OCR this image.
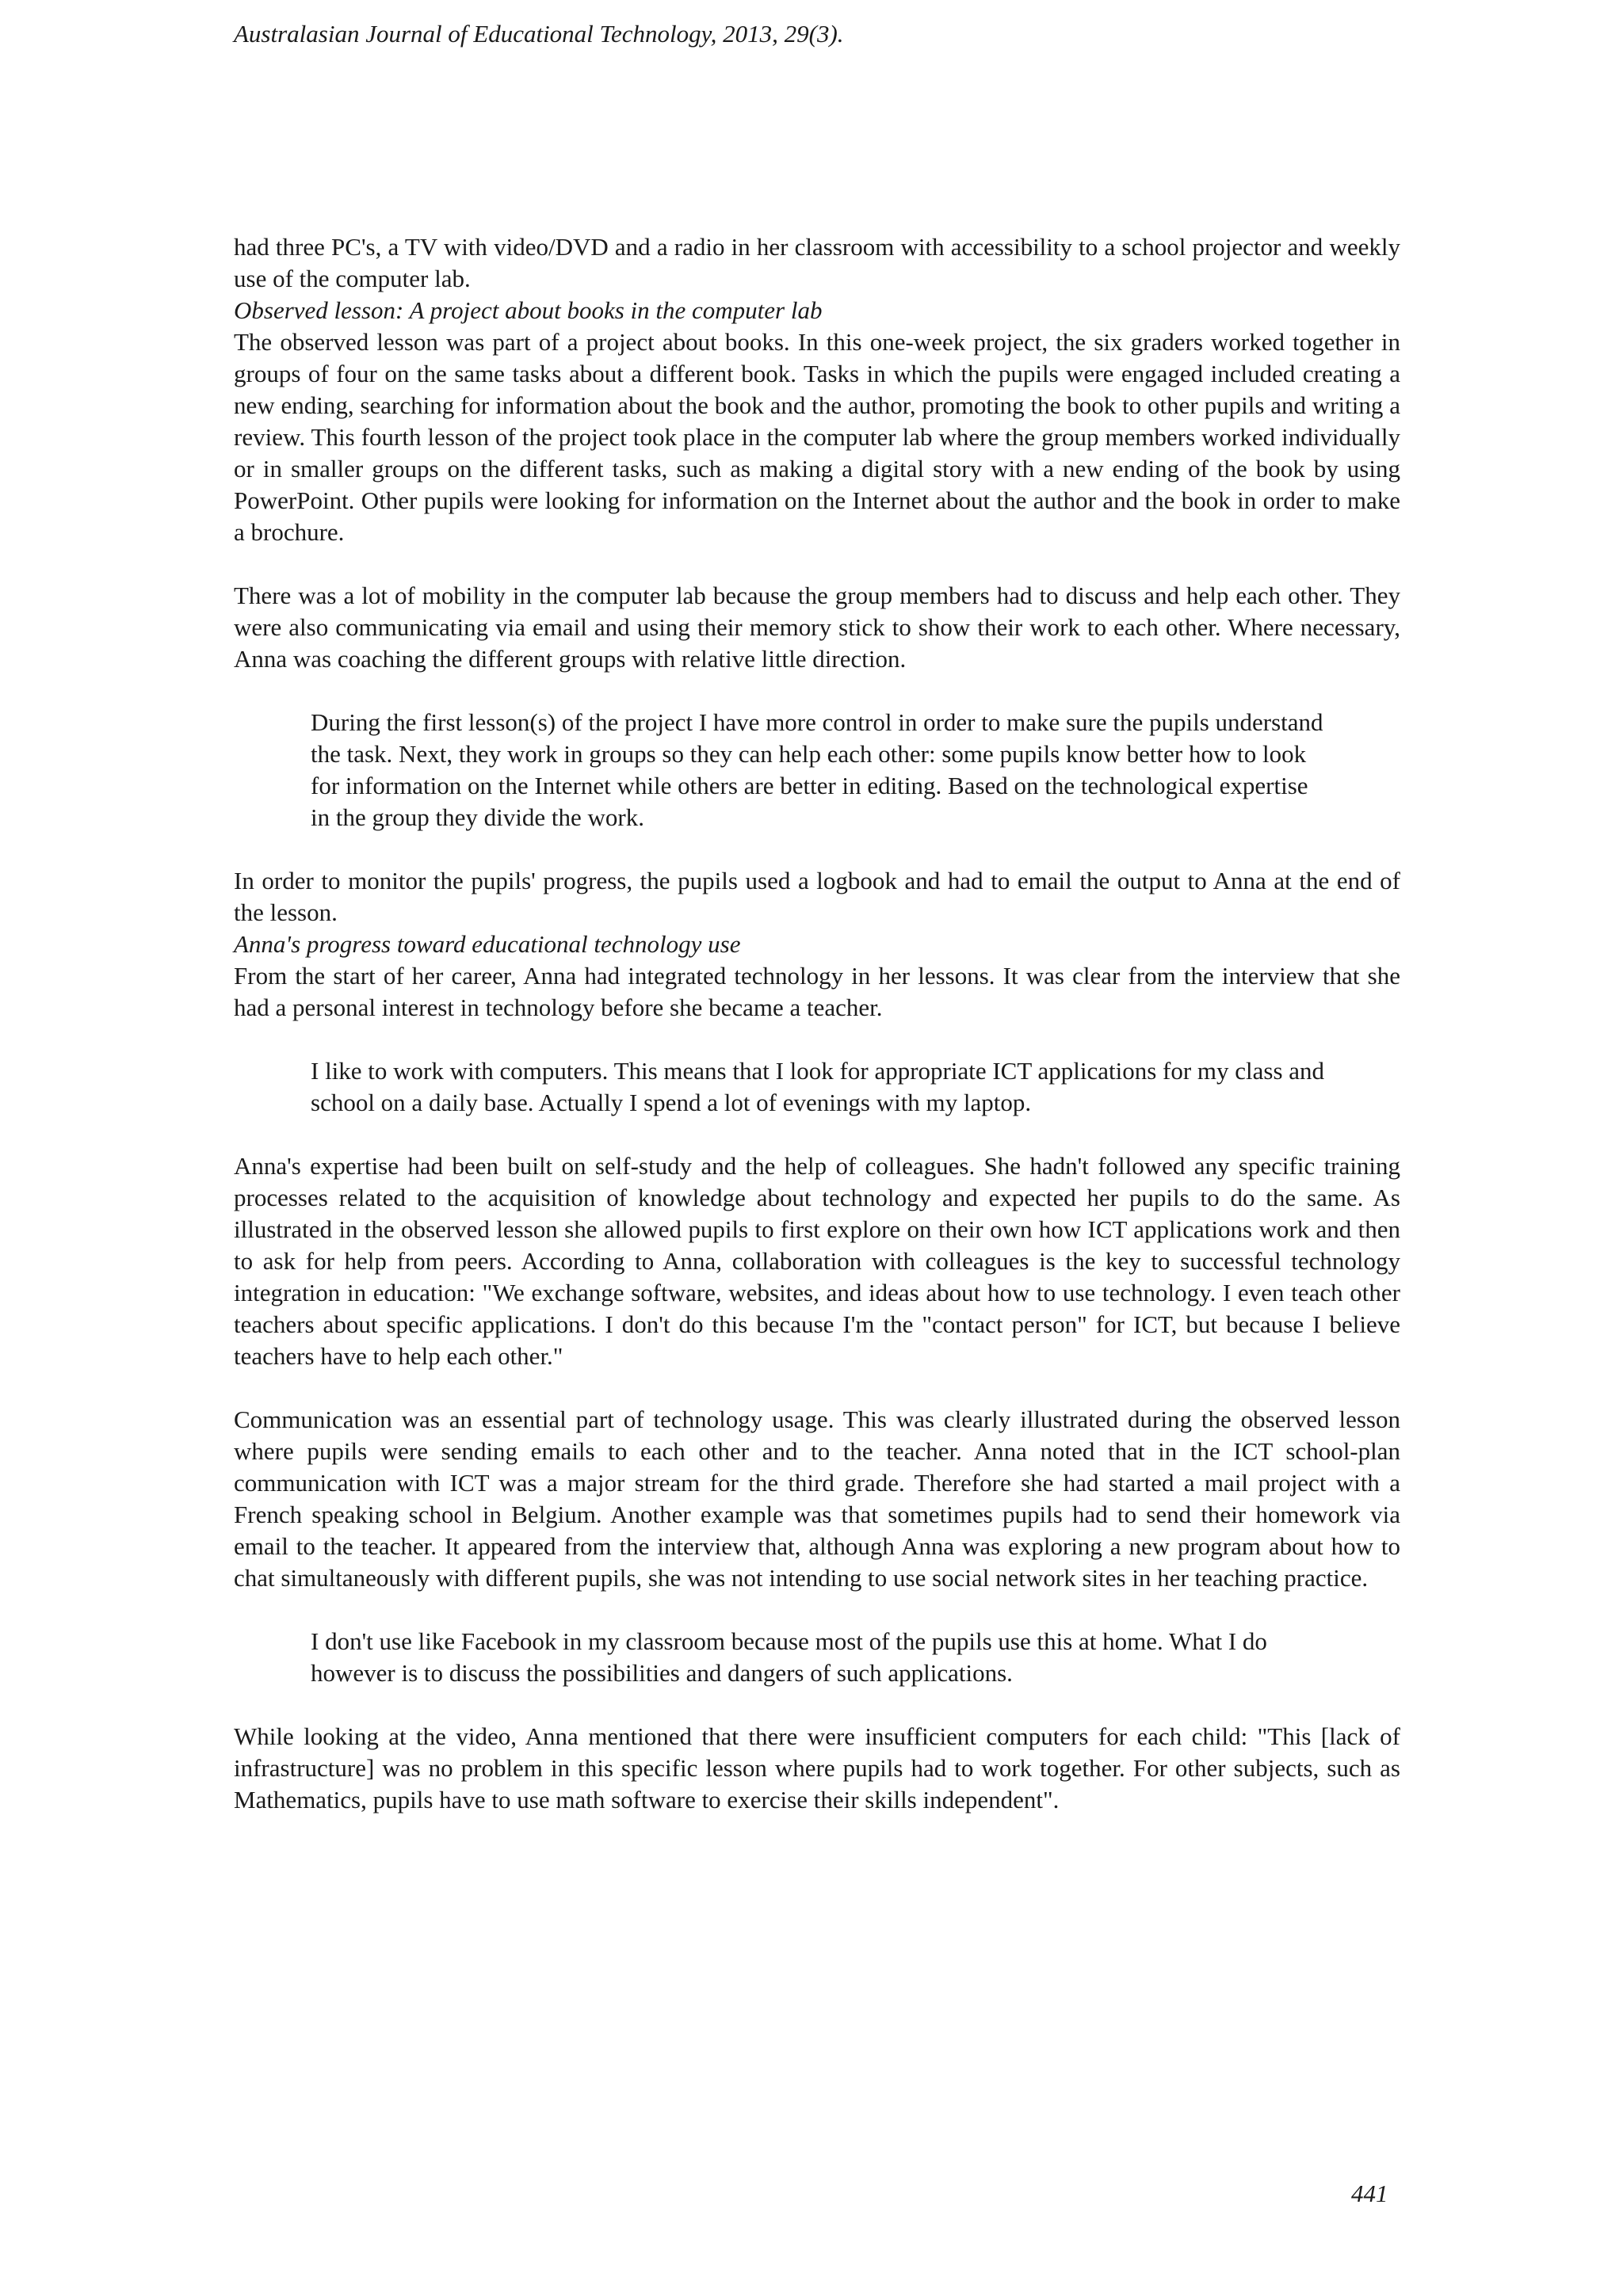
Australasian Journal of Educational Technology, 2013, 29(3).

had three PC's, a TV with video/DVD and a radio in her classroom with accessibility to a school projector and weekly use of the computer lab.

Observed lesson: A project about books in the computer lab

The observed lesson was part of a project about books. In this one-week project, the six graders worked together in groups of four on the same tasks about a different book. Tasks in which the pupils were engaged included creating a new ending, searching for information about the book and the author, promoting the book to other pupils and writing a review. This fourth lesson of the project took place in the computer lab where the group members worked individually or in smaller groups on the different tasks, such as making a digital story with a new ending of the book by using PowerPoint. Other pupils were looking for information on the Internet about the author and the book in order to make a brochure.

There was a lot of mobility in the computer lab because the group members had to discuss and help each other. They were also communicating via email and using their memory stick to show their work to each other. Where necessary, Anna was coaching the different groups with relative little direction.

During the first lesson(s) of the project I have more control in order to make sure the pupils understand the task. Next, they work in groups so they can help each other: some pupils know better how to look for information on the Internet while others are better in editing. Based on the technological expertise in the group they divide the work.

In order to monitor the pupils' progress, the pupils used a logbook and had to email the output to Anna at the end of the lesson.

Anna's progress toward educational technology use

From the start of her career, Anna had integrated technology in her lessons. It was clear from the interview that she had a personal interest in technology before she became a teacher.

I like to work with computers. This means that I look for appropriate ICT applications for my class and school on a daily base. Actually I spend a lot of evenings with my laptop.

Anna's expertise had been built on self-study and the help of colleagues. She hadn't followed any specific training processes related to the acquisition of knowledge about technology and expected her pupils to do the same. As illustrated in the observed lesson she allowed pupils to first explore on their own how ICT applications work and then to ask for help from peers. According to Anna, collaboration with colleagues is the key to successful technology integration in education: "We exchange software, websites, and ideas about how to use technology. I even teach other teachers about specific applications. I don't do this because I'm the "contact person" for ICT, but because I believe teachers have to help each other."

Communication was an essential part of technology usage. This was clearly illustrated during the observed lesson where pupils were sending emails to each other and to the teacher. Anna noted that in the ICT school-plan communication with ICT was a major stream for the third grade. Therefore she had started a mail project with a French speaking school in Belgium. Another example was that sometimes pupils had to send their homework via email to the teacher. It appeared from the interview that, although Anna was exploring a new program about how to chat simultaneously with different pupils, she was not intending to use social network sites in her teaching practice.

I don't use like Facebook in my classroom because most of the pupils use this at home. What I do however is to discuss the possibilities and dangers of such applications.

While looking at the video, Anna mentioned that there were insufficient computers for each child: "This [lack of infrastructure] was no problem in this specific lesson where pupils had to work together. For other subjects, such as Mathematics, pupils have to use math software to exercise their skills independent".

441
